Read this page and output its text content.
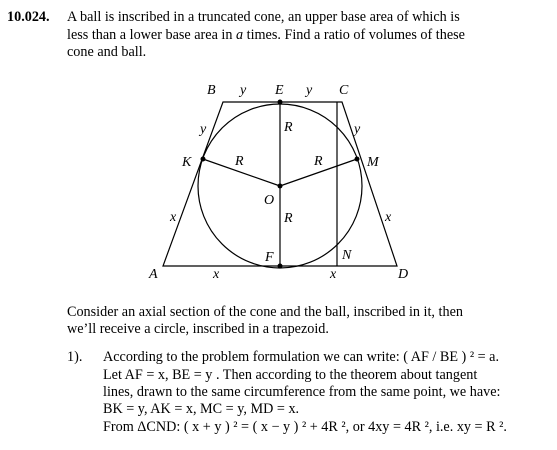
10.024. A ball is inscribed in a truncated cone, an upper base area of which is
less than a lower base area in a times. Find a ratio of volumes of these
cone and ball.
B	E	C
K	M
O
F	N
A	D
y	y
y	y
x	x
x	x
R
R	R
R
Consider an axial section of the cone and the ball, inscribed in it, then
we’ll receive a circle, inscribed in a trapezoid.
1). According to the problem formulation we can write: ( AF / BE ) ² = a.
Let AF = x, BE = y . Then according to the theorem about tangent
lines, drawn to the same circumference from the same point, we have:
BK = y, AK = x, MC = y, MD = x.
From ΔCND: ( x + y ) ² = ( x − y ) ² + 4R ², or 4xy = 4R ², i.e. xy = R ².
